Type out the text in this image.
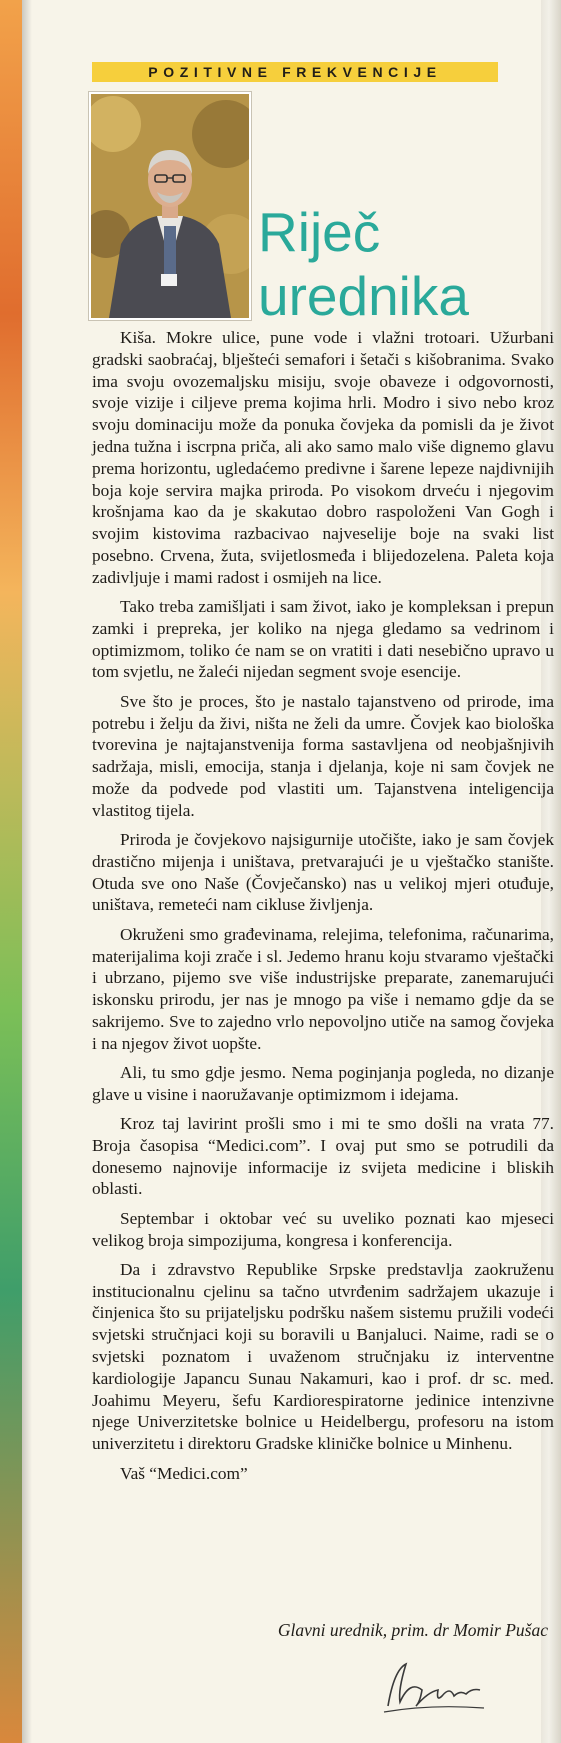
POZITIVNE FREKVENCIJE
Riječ
urednika

Kiša. Mokre ulice, pune vode i vlažni trotoari. Užurbani gradski saobraćaj, blještеći semafori i šetači s kišobranima. Svako ima svoju ovozemaljsku misiju, svoje obaveze i odgovornosti, svoje vizije i ciljeve prema kojima hrli. Modro i sivo nebo kroz svoju dominaciju može da ponuka čovjeka da pomisli da je život jedna tužna i iscrpna priča, ali ako samo malo više dignemo glavu prema horizontu, ugledaćemo predivne i šarene lepeze najdivnijih boja koje servira majka priroda. Po visokom drveću i njegovim krošnjama kao da je skakutao dobro raspoloženi Van Gogh i svojim kistovima razbacivao najveselije boje na svaki list posebno. Crvena, žuta, svijetlosmeđa i blijedozelena. Paleta koja zadivljuje i mami radost i osmijeh na lice.

Tako treba zamišljati i sam život, iako je kompleksan i prepun zamki i prepreka, jer koliko na njega gledamo sa vedrinom i optimizmom, toliko će nam se on vratiti i dati nesebično upravo u tom svjetlu, ne žaleći nijedan segment svoje esencije.

Sve što je proces, što je nastalo tajanstveno od prirode, ima potrebu i želju da živi, ništa ne želi da umre. Čovjek kao biološka tvorevina je najtajanstvenija forma sastavljena od neobjašnjivih sadržaja, misli, emocija, stanja i djelanja, koje ni sam čovjek ne može da podvede pod vlastiti um. Tajanstvena inteligencija vlastitog tijela.

Priroda je čovjekovo najsigurnije utočište, iako je sam čovjek drastično mijenja i uništava, pretvarajući je u vještačko stanište. Otuda sve ono Naše (Čovječansko) nas u velikoj mjeri otuđuje, uništava, remeteći nam cikluse življenja.

Okruženi smo građevinama, relejima, telefonima, računarima, materijalima koji zrače i sl. Jedemo hranu koju stvaramo vještački i ubrzano, pijemo sve više industrijske preparate, zanemarujući iskonsku prirodu, jer nas je mnogo pa više i nemamo gdje da se sakrijemo. Sve to zajedno vrlo nepovoljno utiče na samog čovjeka i na njegov život uopšte.

Ali, tu smo gdje jesmo. Nema poginjanja pogleda, no dizanje glave u visine i naoružavanje optimizmom i idejama.

Kroz taj lavirint prošli smo i mi te smo došli na vrata 77. Broja časopisa “Medici.com”. I ovaj put smo se potrudili da donesemo najnovije informacije iz svijeta medicine i bliskih oblasti.

Septembar i oktobar već su uveliko poznati kao mjeseci velikog broja simpozijuma, kongresa i konferencija.

Da i zdravstvo Republike Srpske predstavlja zaokruženu institucionalnu cjelinu sa tačno utvrđenim sadržajem ukazuje i činjenica što su prijateljsku podršku našem sistemu pružili vodeći svjetski stručnjaci koji su boravili u Banjaluci. Naime, radi se o svjetski poznatom i uvaženom stručnjaku iz interventne kardiologije Japancu Sunau Nakamuri, kao i prof. dr sc. med. Joahimu Meyeru, šefu Kardiorespiratorne jedinice intenzivne njege Univerzitetske bolnice u Heidelbergu, profesoru na istom univerzitetu i direktoru Gradske kliničke bolnice u Minhenu.

Vaš “Medici.com”

Glavni urednik, prim. dr Momir Pušac
